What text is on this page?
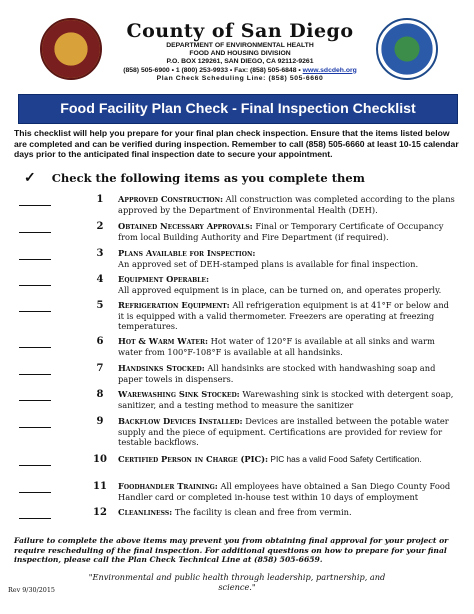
County of San Diego
DEPARTMENT OF ENVIRONMENTAL HEALTH
FOOD AND HOUSING DIVISION
P.O. BOX 129261, SAN DIEGO, CA 92112-9261
(858) 505-6900 • 1 (800) 253-9933 • Fax: (858) 505-6848 • www.sdcdeh.org
Plan Check Scheduling Line: (858) 505-6660
Food Facility Plan Check - Final Inspection Checklist
This checklist will help you prepare for your final plan check inspection. Ensure that the items listed below are completed and can be verified during inspection. Remember to call (858) 505-6660 at least 10-15 calendar days prior to the anticipated final inspection date to secure your appointment.
✓ Check the following items as you complete them
1	Approved Construction: All construction was completed according to the plans approved by the Department of Environmental Health (DEH).
2	Obtained Necessary Approvals: Final or Temporary Certificate of Occupancy from local Building Authority and Fire Department (if required).
3	Plans Available for Inspection:
An approved set of DEH-stamped plans is available for final inspection.
4	Equipment Operable:
All approved equipment is in place, can be turned on, and operates properly.
5	Refrigeration Equipment: All refrigeration equipment is at 41°F or below and it is equipped with a valid thermometer. Freezers are operating at freezing temperatures.
6	Hot & Warm Water: Hot water of 120°F is available at all sinks and warm water from 100°F-108°F is available at all handsinks.
7	Handsinks Stocked: All handsinks are stocked with handwashing soap and paper towels in dispensers.
8	Warewashing Sink Stocked: Warewashing sink is stocked with detergent soap, sanitizer, and a testing method to measure the sanitizer
9	Backflow Devices Installed: Devices are installed between the potable water supply and the piece of equipment. Certifications are provided for review for testable backflows.
10	Certified Person in Charge (PIC): PIC has a valid Food Safety Certification.
11	Foodhandler Training: All employees have obtained a San Diego County Food Handler card or completed in-house test within 10 days of employment
12	Cleanliness: The facility is clean and free from vermin.
Failure to complete the above items may prevent you from obtaining final approval for your project or require rescheduling of the final inspection. For additional questions on how to prepare for your final inspection, please call the Plan Check Technical Line at (858) 505-6659.
"Environmental and public health through leadership, partnership, and science."
Rev 9/30/2015
